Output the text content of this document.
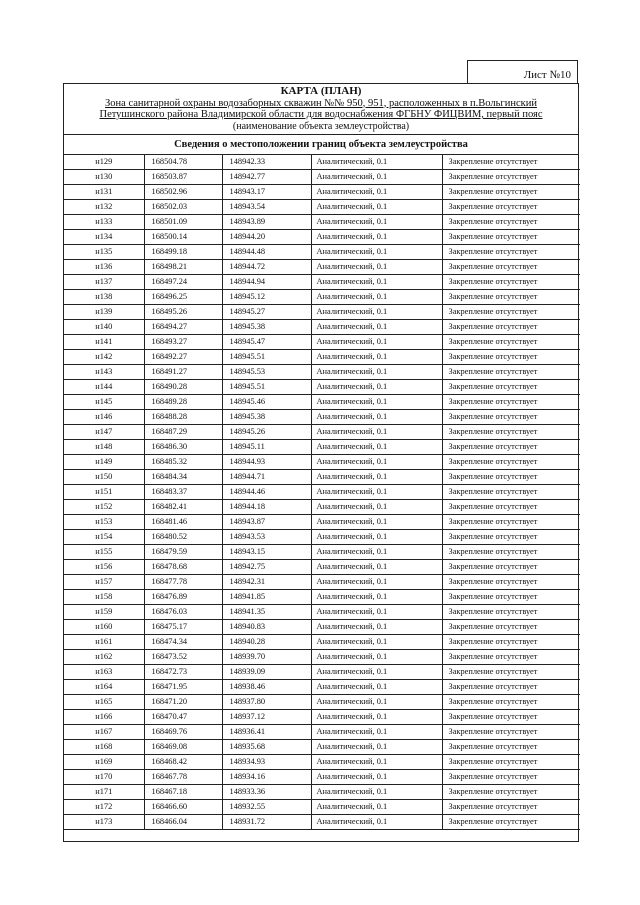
Лист №10
КАРТА (ПЛАН)
Зона санитарной охраны водозаборных скважин №№ 950, 951, расположенных в п.Вольгинский
Петушинского района Владимирской области для водоснабжения ФГБНУ ФИЦВИМ, первый пояс
(наименование объекта землеустройства)
Сведения о местоположении границ объекта землеустройства
н129	168504.78	148942.33	Аналитический, 0.1	Закрепление отсутствует
н130	168503.87	148942.77	Аналитический, 0.1	Закрепление отсутствует
н131	168502.96	148943.17	Аналитический, 0.1	Закрепление отсутствует
н132	168502.03	148943.54	Аналитический, 0.1	Закрепление отсутствует
н133	168501.09	148943.89	Аналитический, 0.1	Закрепление отсутствует
н134	168500.14	148944.20	Аналитический, 0.1	Закрепление отсутствует
н135	168499.18	148944.48	Аналитический, 0.1	Закрепление отсутствует
н136	168498.21	148944.72	Аналитический, 0.1	Закрепление отсутствует
н137	168497.24	148944.94	Аналитический, 0.1	Закрепление отсутствует
н138	168496.25	148945.12	Аналитический, 0.1	Закрепление отсутствует
н139	168495.26	148945.27	Аналитический, 0.1	Закрепление отсутствует
н140	168494.27	148945.38	Аналитический, 0.1	Закрепление отсутствует
н141	168493.27	148945.47	Аналитический, 0.1	Закрепление отсутствует
н142	168492.27	148945.51	Аналитический, 0.1	Закрепление отсутствует
н143	168491.27	148945.53	Аналитический, 0.1	Закрепление отсутствует
н144	168490.28	148945.51	Аналитический, 0.1	Закрепление отсутствует
н145	168489.28	148945.46	Аналитический, 0.1	Закрепление отсутствует
н146	168488.28	148945.38	Аналитический, 0.1	Закрепление отсутствует
н147	168487.29	148945.26	Аналитический, 0.1	Закрепление отсутствует
н148	168486.30	148945.11	Аналитический, 0.1	Закрепление отсутствует
н149	168485.32	148944.93	Аналитический, 0.1	Закрепление отсутствует
н150	168484.34	148944.71	Аналитический, 0.1	Закрепление отсутствует
н151	168483.37	148944.46	Аналитический, 0.1	Закрепление отсутствует
н152	168482.41	148944.18	Аналитический, 0.1	Закрепление отсутствует
н153	168481.46	148943.87	Аналитический, 0.1	Закрепление отсутствует
н154	168480.52	148943.53	Аналитический, 0.1	Закрепление отсутствует
н155	168479.59	148943.15	Аналитический, 0.1	Закрепление отсутствует
н156	168478.68	148942.75	Аналитический, 0.1	Закрепление отсутствует
н157	168477.78	148942.31	Аналитический, 0.1	Закрепление отсутствует
н158	168476.89	148941.85	Аналитический, 0.1	Закрепление отсутствует
н159	168476.03	148941.35	Аналитический, 0.1	Закрепление отсутствует
н160	168475.17	148940.83	Аналитический, 0.1	Закрепление отсутствует
н161	168474.34	148940.28	Аналитический, 0.1	Закрепление отсутствует
н162	168473.52	148939.70	Аналитический, 0.1	Закрепление отсутствует
н163	168472.73	148939.09	Аналитический, 0.1	Закрепление отсутствует
н164	168471.95	148938.46	Аналитический, 0.1	Закрепление отсутствует
н165	168471.20	148937.80	Аналитический, 0.1	Закрепление отсутствует
н166	168470.47	148937.12	Аналитический, 0.1	Закрепление отсутствует
н167	168469.76	148936.41	Аналитический, 0.1	Закрепление отсутствует
н168	168469.08	148935.68	Аналитический, 0.1	Закрепление отсутствует
н169	168468.42	148934.93	Аналитический, 0.1	Закрепление отсутствует
н170	168467.78	148934.16	Аналитический, 0.1	Закрепление отсутствует
н171	168467.18	148933.36	Аналитический, 0.1	Закрепление отсутствует
н172	168466.60	148932.55	Аналитический, 0.1	Закрепление отсутствует
н173	168466.04	148931.72	Аналитический, 0.1	Закрепление отсутствует
